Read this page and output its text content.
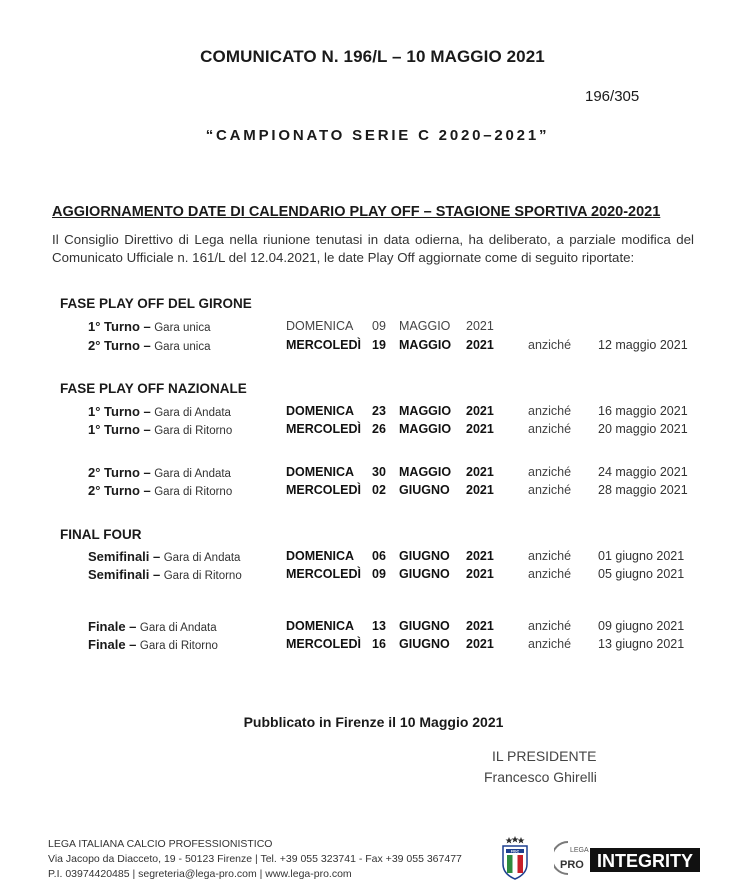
COMUNICATO N. 196/L – 10 MAGGIO 2021
196/305
“CAMPIONATO SERIE C 2020–2021”
AGGIORNAMENTO DATE DI CALENDARIO PLAY OFF – STAGIONE SPORTIVA 2020-2021
Il Consiglio Direttivo di Lega nella riunione tenutasi in data odierna, ha deliberato, a parziale modifica del Comunicato Ufficiale n. 161/L del 12.04.2021, le date Play Off aggiornate come di seguito riportate:
FASE PLAY OFF DEL GIRONE
1° Turno – Gara unica	DOMENICA 09 MAGGIO 2021
2° Turno – Gara unica	MERCOLEDÌ 19 MAGGIO 2021	anziché 12 maggio 2021
FASE PLAY OFF NAZIONALE
1° Turno – Gara di Andata	DOMENICA 23 MAGGIO 2021	anziché 16 maggio 2021
1° Turno – Gara di Ritorno	MERCOLEDÌ 26 MAGGIO 2021	anziché 20 maggio 2021
2° Turno – Gara di Andata	DOMENICA 30 MAGGIO 2021	anziché 24 maggio 2021
2° Turno – Gara di Ritorno	MERCOLEDÌ 02 GIUGNO 2021	anziché 28 maggio 2021
FINAL FOUR
Semifinali – Gara di Andata	DOMENICA 06 GIUGNO 2021	anziché 01 giugno 2021
Semifinali – Gara di Ritorno	MERCOLEDÌ 09 GIUGNO 2021	anziché 05 giugno 2021
Finale – Gara di Andata	DOMENICA 13 GIUGNO 2021	anziché 09 giugno 2021
Finale – Gara di Ritorno	MERCOLEDÌ 16 GIUGNO 2021	anziché 13 giugno 2021
Pubblicato in Firenze il 10 Maggio 2021
IL PRESIDENTE
Francesco Ghirelli
LEGA ITALIANA CALCIO PROFESSIONISTICO
Via Jacopo da Diacceto, 19 - 50123 Firenze | Tel. +39 055 323741 - Fax +39 055 367477
P.I. 03974420485 | segreteria@lega-pro.com | www.lega-pro.com
FIGC	LEGA
PRO INTEGRITY
